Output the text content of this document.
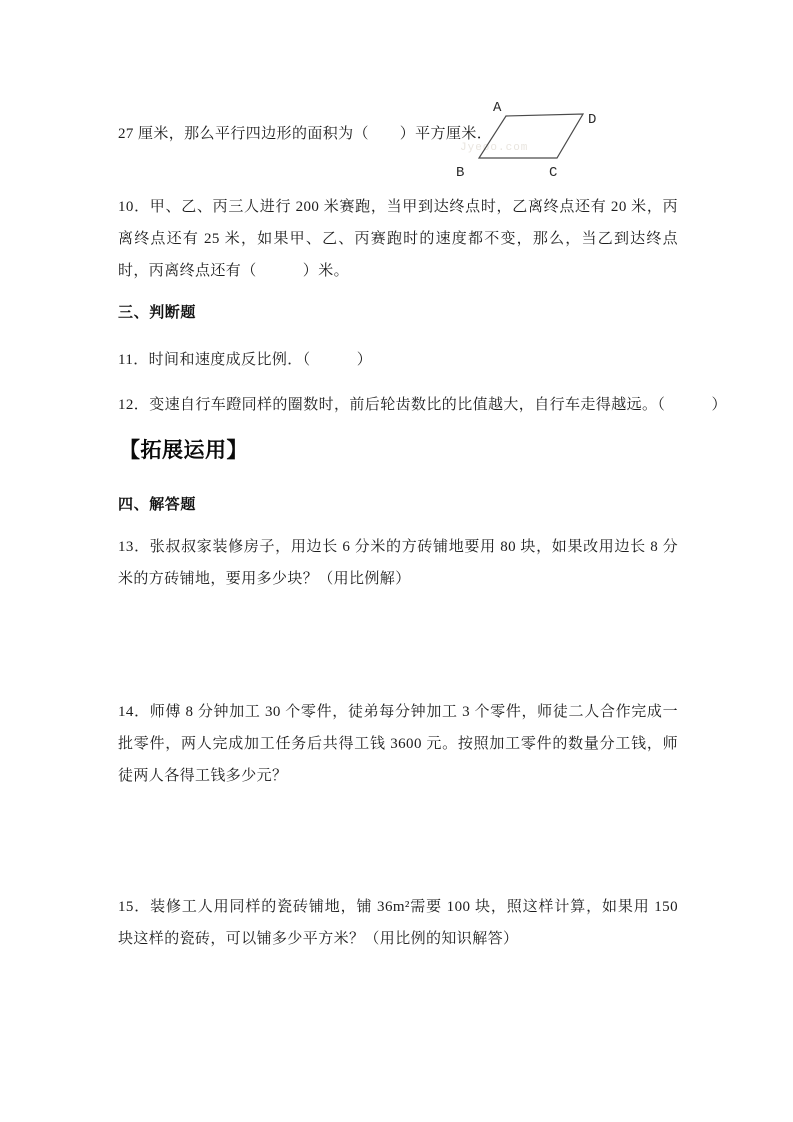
27 厘米，那么平行四边形的面积为（　　）平方厘米．
Jyeoo.com
A
D
B	C
10．甲、乙、丙三人进行 200 米赛跑，当甲到达终点时，乙离终点还有 20 米，丙离终点还有 25 米，如果甲、乙、丙赛跑时的速度都不变，那么，当乙到达终点时，丙离终点还有（　　　）米。
三、判断题
11．时间和速度成反比例．（　　　）
12．变速自行车蹬同样的圈数时，前后轮齿数比的比值越大，自行车走得越远。（　　　）
【拓展运用】
四、解答题
13．张叔叔家装修房子，用边长 6 分米的方砖铺地要用 80 块，如果改用边长 8 分米的方砖铺地，要用多少块？（用比例解）
14．师傅 8 分钟加工 30 个零件，徒弟每分钟加工 3 个零件，师徒二人合作完成一批零件，两人完成加工任务后共得工钱 3600 元。按照加工零件的数量分工钱，师徒两人各得工钱多少元？
15．装修工人用同样的瓷砖铺地，铺 36m²需要 100 块，照这样计算，如果用 150 块这样的瓷砖，可以铺多少平方米？（用比例的知识解答）
